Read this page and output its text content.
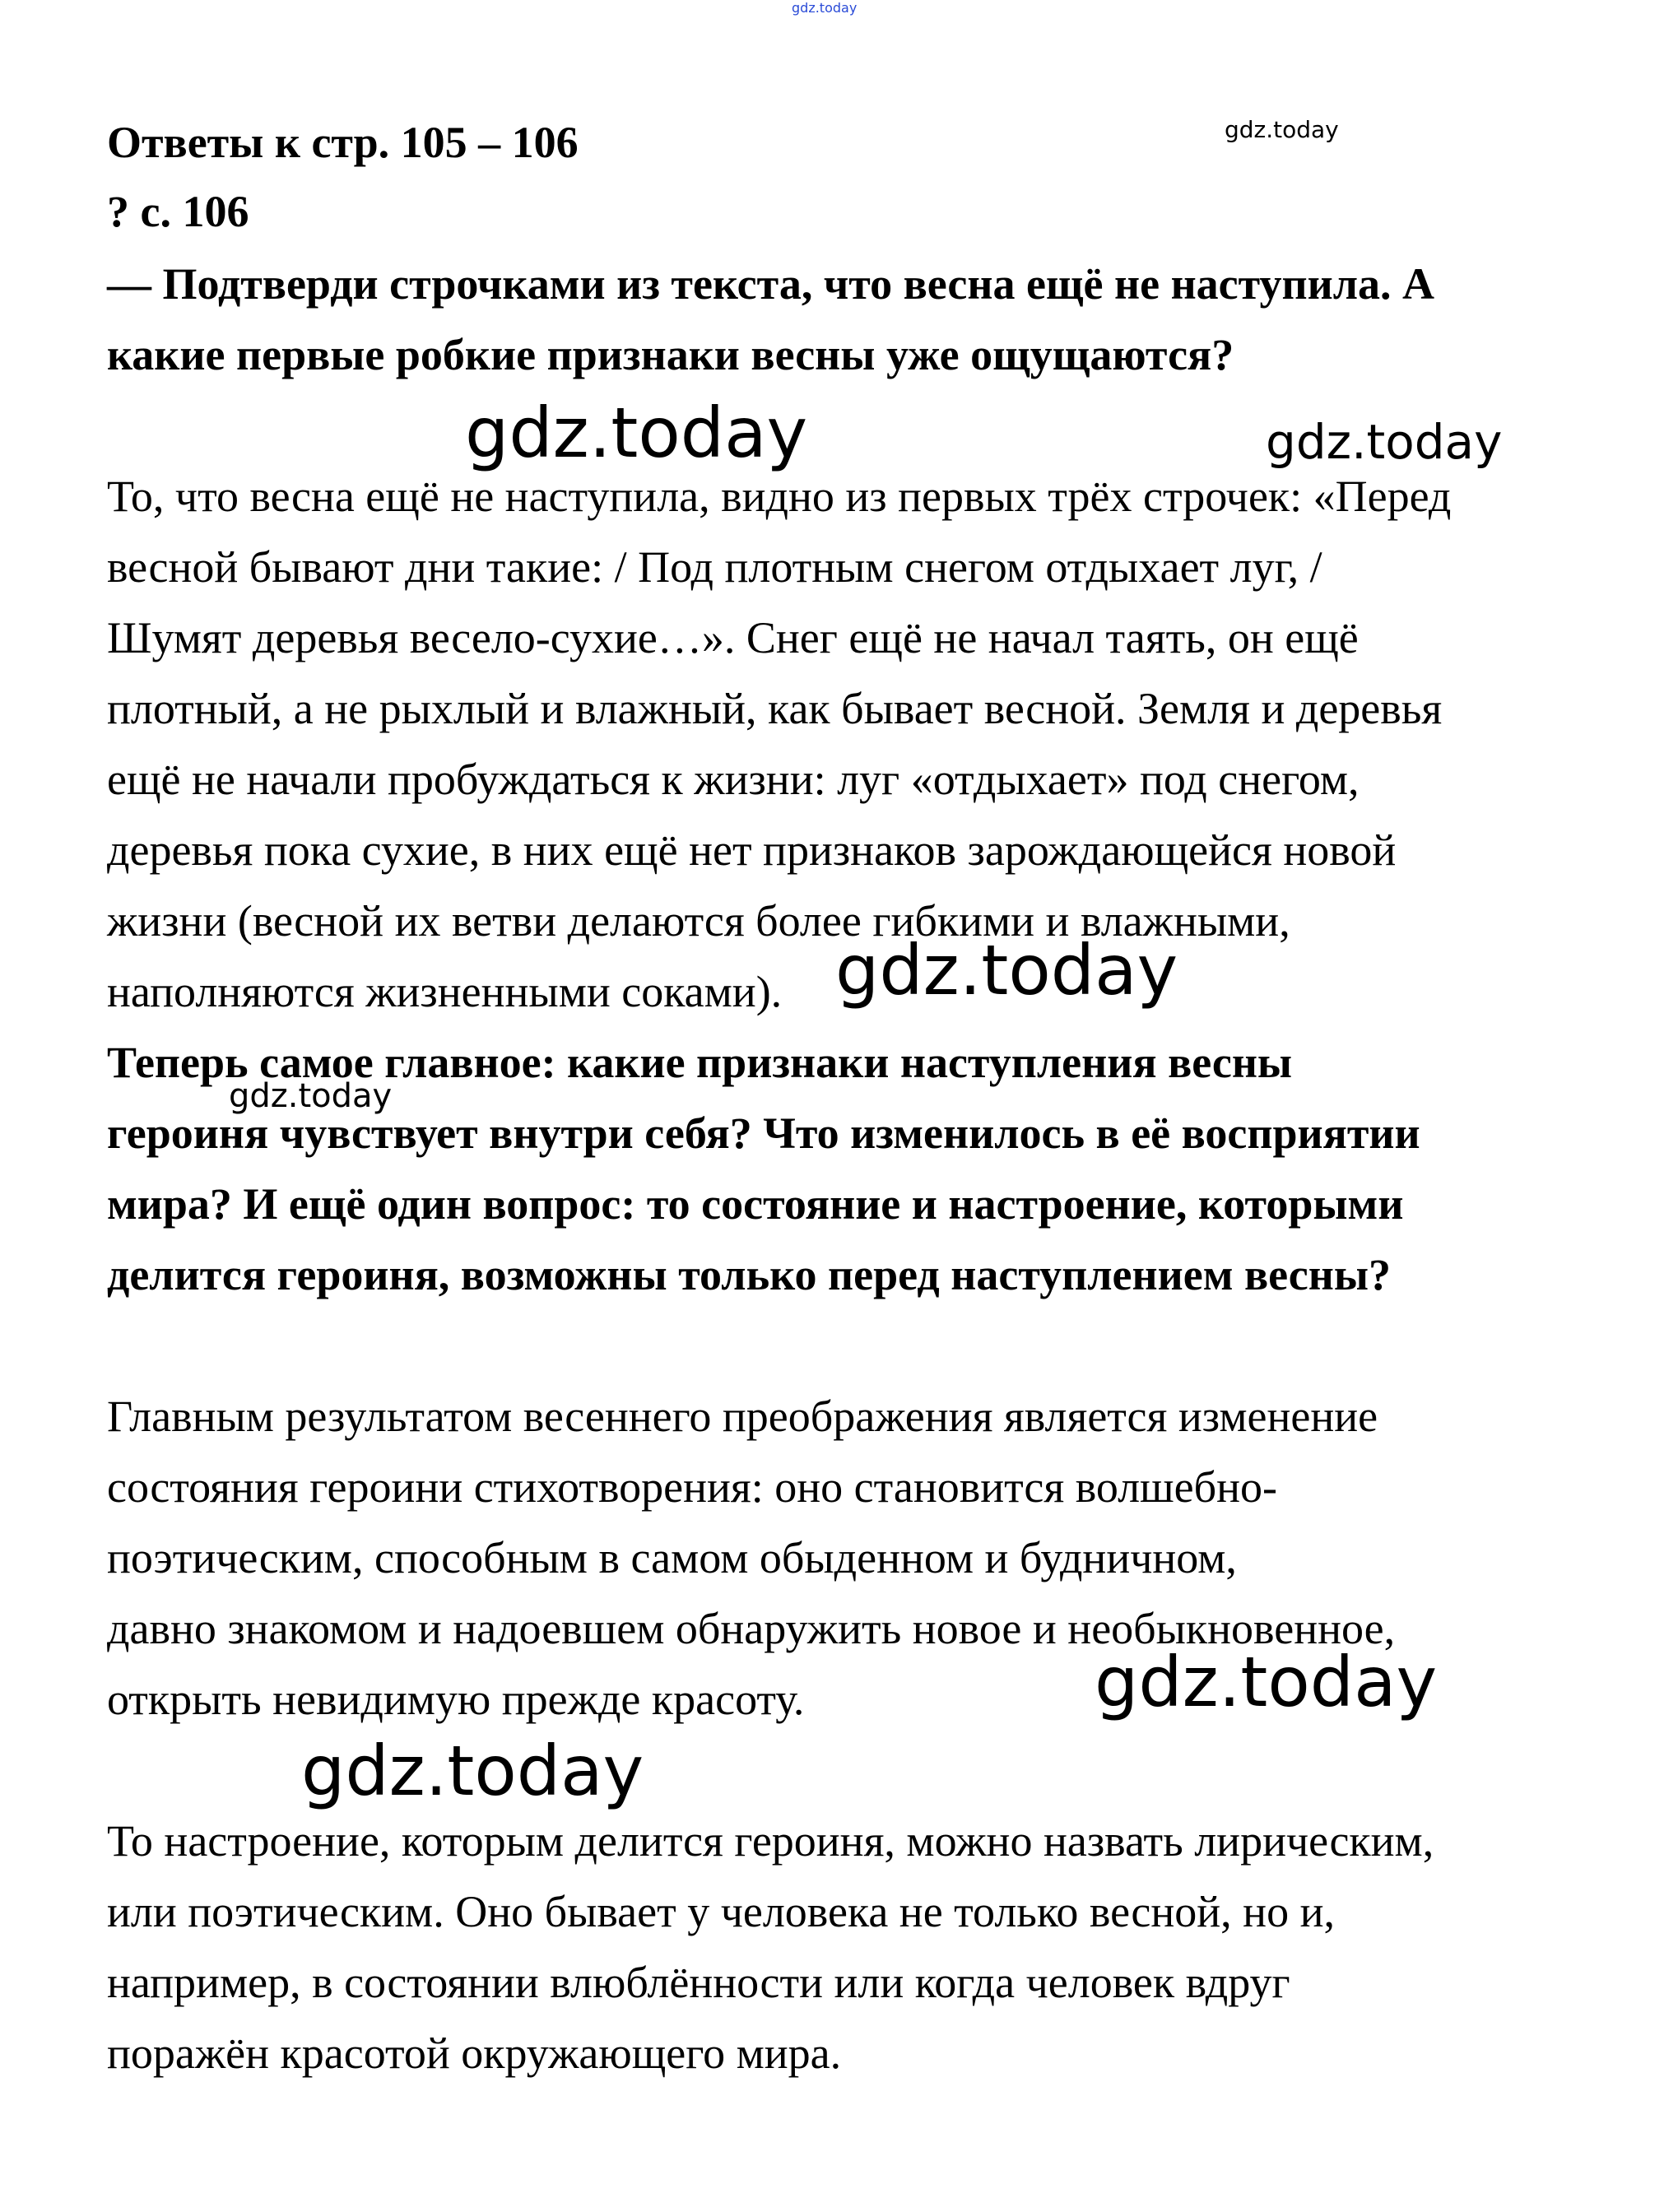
gdz.today
gdz.today
gdz.today	gdz.today
gdz.today
gdz.today
gdz.today
gdz.today
Ответы к стр. 105 – 106
? с. 106
— Подтверди строчками из текста, что весна ещё не наступила. А
какие первые робкие признаки весны уже ощущаются?
То, что весна ещё не наступила, видно из первых трёх строчек: «Перед
весной бывают дни такие: / Под плотным снегом отдыхает луг, /
Шумят деревья весело-сухие…». Снег ещё не начал таять, он ещё
плотный, а не рыхлый и влажный, как бывает весной. Земля и деревья
ещё не начали пробуждаться к жизни: луг «отдыхает» под снегом,
деревья пока сухие, в них ещё нет признаков зарождающейся новой
жизни (весной их ветви делаются более гибкими и влажными,
наполняются жизненными соками).
Теперь самое главное: какие признаки наступления весны
героиня чувствует внутри себя? Что изменилось в её восприятии
мира? И ещё один вопрос: то состояние и настроение, которыми
делится героиня, возможны только перед наступлением весны?
Главным результатом весеннего преображения является изменение
состояния героини стихотворения: оно становится волшебно-
поэтическим, способным в самом обыденном и будничном,
давно знакомом и надоевшем обнаружить новое и необыкновенное,
открыть невидимую прежде красоту.
То настроение, которым делится героиня, можно назвать лирическим,
или поэтическим. Оно бывает у человека не только весной, но и,
например, в состоянии влюблённости или когда человек вдруг
поражён красотой окружающего мира.
